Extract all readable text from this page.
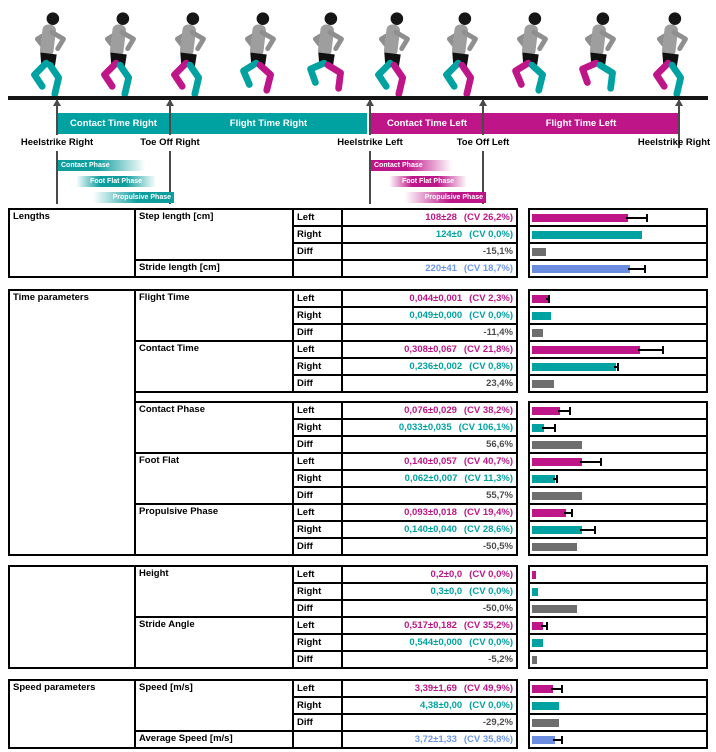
Contact Time Right	Flight Time Right	Contact Time Left	Flight Time Left
Heelstrike Right	Toe Off Right	Heelstrike Left	Toe Off Left	Heelstrike Right
Contact Phase
Foot Flat Phase
Propulsive Phase
Contact Phase
Foot Flat Phase
Propulsive Phase
Lengths	Step length [cm]	Left	108±28 (CV 26,2%)
		Right	124±0 (CV 0,0%)
		Diff	-15,1%
	Stride length [cm]		220±41 (CV 18,7%)
Time parameters	Flight Time	Left	0,044±0,001 (CV 2,3%)
		Right	0,049±0,000 (CV 0,0%)
		Diff	-11,4%
	Contact Time	Left	0,308±0,067 (CV 21,8%)
		Right	0,236±0,002 (CV 0,8%)
		Diff	23,4%

	Contact Phase	Left	0,076±0,029 (CV 38,2%)
		Right	0,033±0,035 (CV 106,1%)
		Diff	56,6%
	Foot Flat	Left	0,140±0,057 (CV 40,7%)
		Right	0,062±0,007 (CV 11,3%)
		Diff	55,7%
	Propulsive Phase	Left	0,093±0,018 (CV 19,4%)
		Right	0,140±0,040 (CV 28,6%)
		Diff	-50,5%
	Height	Left	0,2±0,0 (CV 0,0%)
		Right	0,3±0,0 (CV 0,0%)
		Diff	-50,0%
	Stride Angle	Left	0,517±0,182 (CV 35,2%)
		Right	0,544±0,000 (CV 0,0%)
		Diff	-5,2%
Speed parameters	Speed [m/s]	Left	3,39±1,69 (CV 49,9%)
		Right	4,38±0,00 (CV 0,0%)
		Diff	-29,2%
	Average Speed [m/s]		3,72±1,33 (CV 35,8%)
